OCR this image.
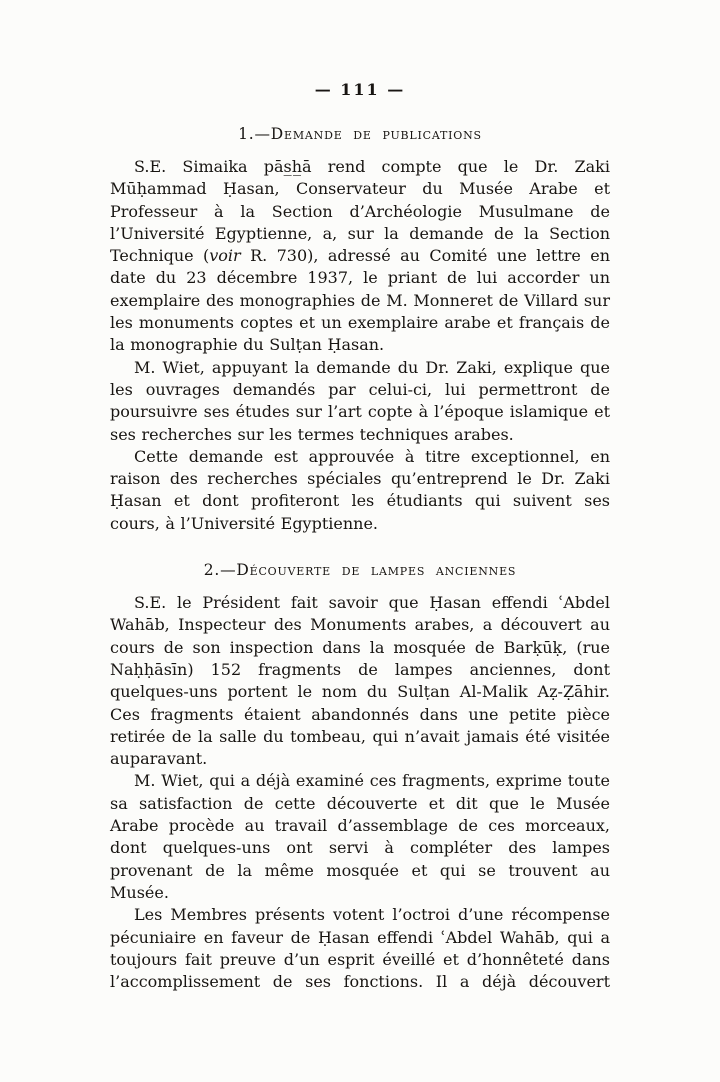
— 111 —
1.—Demande de publications

S.E. Simaika pās̲h̲ā rend compte que le Dr. Zaki Mūḥammad Ḥasan, Conservateur du Musée Arabe et Professeur à la Section d’Archéologie Musulmane de l’Université Egyptienne, a, sur la demande de la Section Technique (voir R. 730), adressé au Comité une lettre en date du 23 décembre 1937, le priant de lui accorder un exemplaire des monographies de M. Monneret de Villard sur les monuments coptes et un exemplaire arabe et français de la monographie du Sulṭan Ḥasan.

M. Wiet, appuyant la demande du Dr. Zaki, explique que les ouvrages demandés par celui-ci, lui permettront de poursuivre ses études sur l’art copte à l’époque islamique et ses recherches sur les termes techniques arabes.

Cette demande est approuvée à titre exceptionnel, en raison des recherches spéciales qu’entreprend le Dr. Zaki Ḥasan et dont profiteront les étudiants qui suivent ses cours, à l’Université Egyptienne.

2.—Découverte de lampes anciennes

S.E. le Président fait savoir que Ḥasan effendi ʿAbdel Wahāb, Inspecteur des Monuments arabes, a découvert au cours de son inspection dans la mosquée de Barḳūḳ, (rue Naḥḥāsīn) 152 fragments de lampes anciennes, dont quelques-uns portent le nom du Sulṭan Al-Malik Aẓ-Ẓāhir. Ces fragments étaient abandonnés dans une petite pièce retirée de la salle du tombeau, qui n’avait jamais été visitée auparavant.

M. Wiet, qui a déjà examiné ces fragments, exprime toute sa satisfaction de cette découverte et dit que le Musée Arabe procède au travail d’assemblage de ces morceaux, dont quelques-uns ont servi à compléter des lampes provenant de la même mosquée et qui se trouvent au Musée.

Les Membres présents votent l’octroi d’une récompense pécuniaire en faveur de Ḥasan effendi ʿAbdel Wahāb, qui a toujours fait preuve d’un esprit éveillé et d’honnêteté dans l’accomplissement de ses fonctions. Il a déjà découvert
